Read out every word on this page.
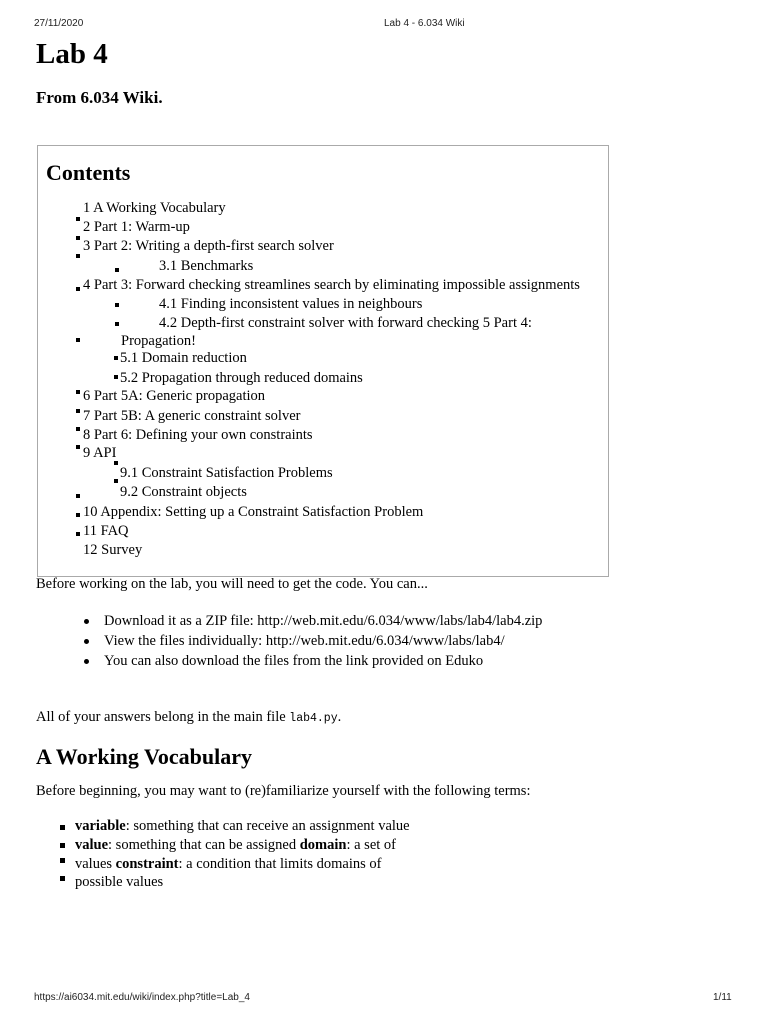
27/11/2020	Lab 4 - 6.034 Wiki
Lab 4
From 6.034 Wiki.
Contents
1 A Working Vocabulary
2 Part 1: Warm-up
3 Part 2: Writing a depth-first search solver
3.1 Benchmarks
4 Part 3: Forward checking streamlines search by eliminating impossible assignments
4.1 Finding inconsistent values in neighbours
4.2 Depth-first constraint solver with forward checking 5 Part 4:
Propagation!
5.1 Domain reduction
5.2 Propagation through reduced domains
6 Part 5A: Generic propagation
7 Part 5B: A generic constraint solver
8 Part 6: Defining your own constraints
9 API
9.1 Constraint Satisfaction Problems
9.2 Constraint objects
10 Appendix: Setting up a Constraint Satisfaction Problem
11 FAQ
12 Survey
Before working on the lab, you will need to get the code. You can...
Download it as a ZIP file: http://web.mit.edu/6.034/www/labs/lab4/lab4.zip
View the files individually: http://web.mit.edu/6.034/www/labs/lab4/
You can also download the files from the link provided on Eduko
All of your answers belong in the main file lab4.py.
A Working Vocabulary
Before beginning, you may want to (re)familiarize yourself with the following terms:
variable: something that can receive an assignment value
value: something that can be assigned domain: a set of
values constraint: a condition that limits domains of
possible values
https://ai6034.mit.edu/wiki/index.php?title=Lab_4	1/11
